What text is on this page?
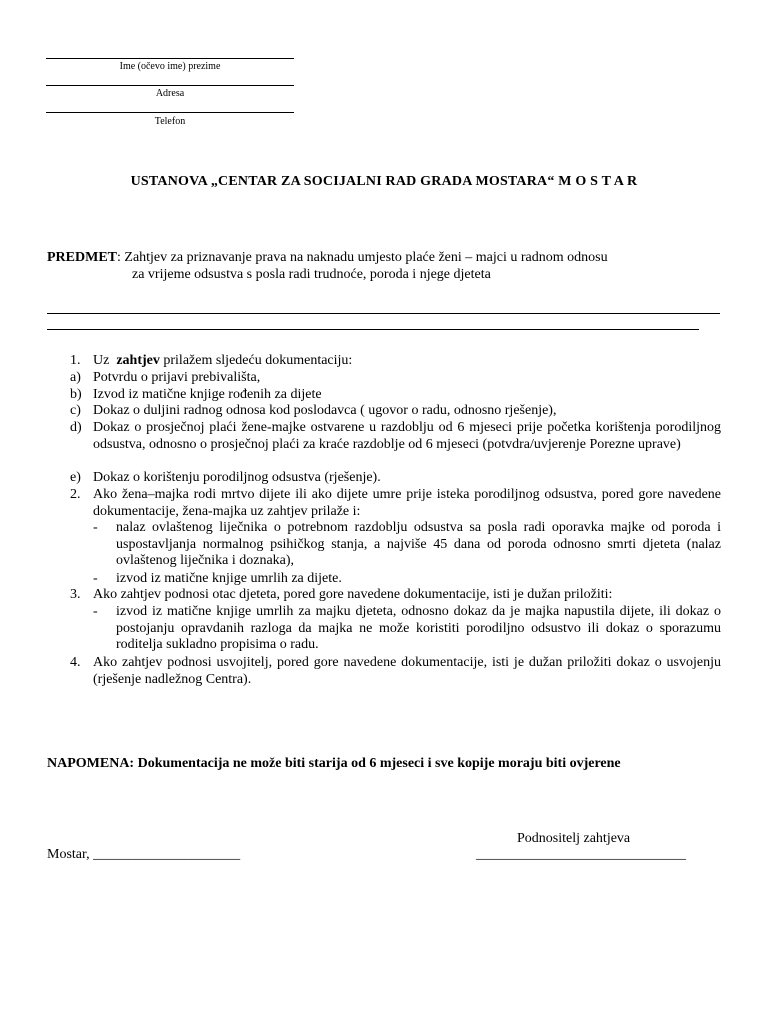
Ime (očevo ime) prezime
Adresa
Telefon
USTANOVA „CENTAR ZA SOCIJALNI RAD GRADA MOSTARA“ M O S T A R
PREDMET: Zahtjev za priznavanje prava na naknadu umjesto plaće ženi – majci u radnom odnosu
za vrijeme odsustva s posla radi trudnoće, poroda i njege djeteta
1. Uz zahtjev prilažem sljedeću dokumentaciju:
a) Potvrdu o prijavi prebivališta,
b) Izvod iz matične knjige rođenih za dijete
c) Dokaz o duljini radnog odnosa kod poslodavca ( ugovor o radu, odnosno rješenje),
d) Dokaz o prosječnoj plaći žene-majke ostvarene u razdoblju od 6 mjeseci prije početka korištenja porodiljnog odsustva, odnosno o prosječnoj plaći za kraće razdoblje od 6 mjeseci (potvdra/uvjerenje Porezne uprave)
e) Dokaz o korištenju porodiljnog odsustva (rješenje).
2. Ako žena–majka rodi mrtvo dijete ili ako dijete umre prije isteka porodiljnog odsustva, pored gore navedene dokumentacije, žena-majka uz zahtjev prilaže i:
- nalaz ovlaštenog liječnika o potrebnom razdoblju odsustva sa posla radi oporavka majke od poroda i uspostavljanja normalnog psihičkog stanja, a najviše 45 dana od poroda odnosno smrti djeteta (nalaz ovlaštenog liječnika i doznaka),
- izvod iz matične knjige umrlih za dijete.
3. Ako zahtjev podnosi otac djeteta, pored gore navedene dokumentacije, isti je dužan priložiti:
- izvod iz matične knjige umrlih za majku djeteta, odnosno dokaz da je majka napustila dijete, ili dokaz o postojanju opravdanih razloga da majka ne može koristiti porodiljno odsustvo ili dokaz o sporazumu roditelja sukladno propisima o radu.
4. Ako zahtjev podnosi usvojitelj, pored gore navedene dokumentacije, isti je dužan priložiti dokaz o usvojenju (rješenje nadležnog Centra).
NAPOMENA: Dokumentacija ne može biti starija od 6 mjeseci i sve kopije moraju biti ovjerene
Podnositelj zahtjeva
Mostar, _____________________	______________________________
